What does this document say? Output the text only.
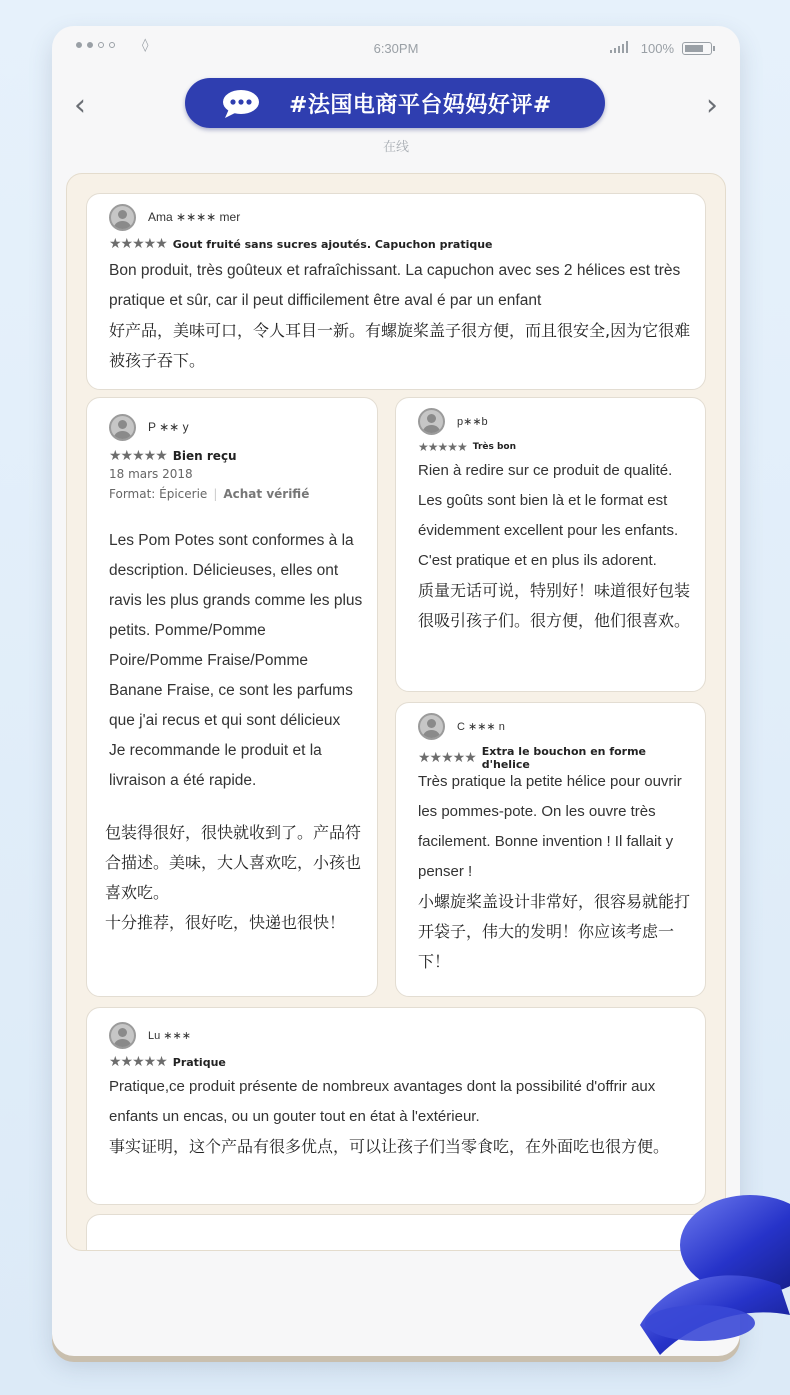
◊	6:30PM	100%
‹	›
#法国电商平台妈妈好评#
在线
Ama ∗∗∗∗ mer
★★★★★ Gout fruité sans sucres ajoutés. Capuchon pratique
Bon produit, très goûteux et rafraîchissant. La capuchon avec ses 2 hélices est très pratique et sûr, car il peut difficilement être aval é par un enfant
好产品，美味可口，令人耳目一新。有螺旋桨盖子很方便，而且很安全,因为它很难被孩子吞下。
P ∗∗ y
★★★★★ Bien reçu
18 mars 2018
Format: Épicerie | Achat vérifié
Les Pom Potes sont conformes à la description. Délicieuses, elles ont ravis les plus grands comme les plus petits. Pomme/Pomme Poire/Pomme Fraise/Pomme Banane Fraise, ce sont les parfums que j'ai recus et qui sont délicieux
Je recommande le produit et la livraison a été rapide.
包装得很好，很快就收到了。产品符合描述。美味，大人喜欢吃，小孩也喜欢吃。
十分推荐，很好吃，快递也很快！
p∗∗b
★★★★★ Très bon
Rien à redire sur ce produit de qualité. Les goûts sont bien là et le format est évidemment excellent pour les enfants. C'est pratique et en plus ils adorent.
质量无话可说，特别好！味道很好包装很吸引孩子们。很方便，他们很喜欢。
C ∗∗∗ n
★★★★★ Extra le bouchon en forme d'helice
Très pratique la petite hélice pour ouvrir les pommes-pote. On les ouvre très facilement. Bonne invention ! Il fallait y penser !
小螺旋桨盖设计非常好，很容易就能打开袋子，伟大的发明！你应该考虑一下！
Lu ∗∗∗
★★★★★ Pratique
Pratique,ce produit présente de nombreux avantages dont la possibilité d'offrir aux enfants un encas, ou un gouter tout en état à l'extérieur.
事实证明，这个产品有很多优点，可以让孩子们当零食吃，在外面吃也很方便。
